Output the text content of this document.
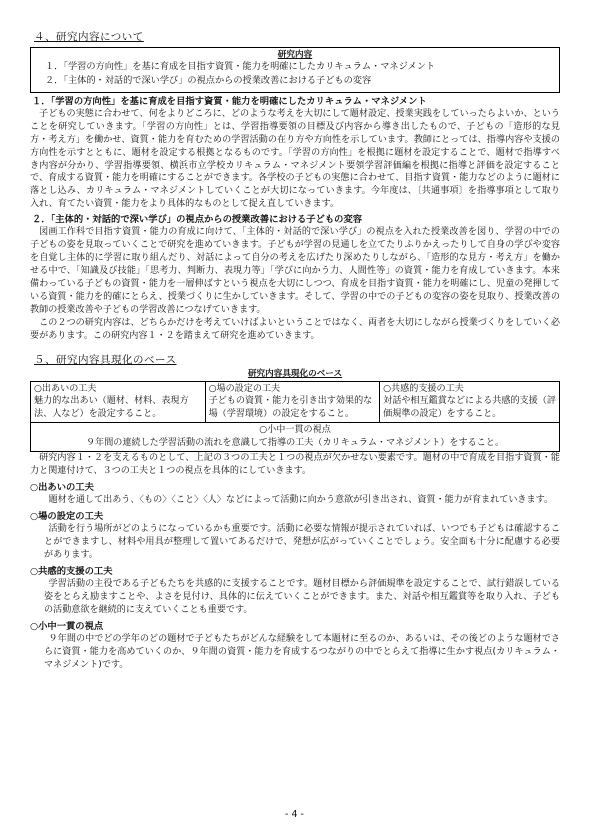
４、研究内容について
研究内容
１．「学習の方向性」を基に育成を目指す資質・能力を明確にしたカリキュラム・マネジメント
２．「主体的・対話的で深い学び」の視点からの授業改善における子どもの変容
１．「学習の方向性」を基に育成を目指す資質・能力を明確にしたカリキュラム・マネジメント

子どもの実態に合わせて、何をよりどころに、どのような考えを大切にして題材設定、授業実践をしていったらよいか、ということを研究していきます。「学習の方向性」とは、学習指導要領の目標及び内容から導き出したもので、子どもの「造形的な見方・考え方」を働かせ、資質・能力を育むための学習活動の在り方や方向性を示しています。教師にとっては、指導内容や支援の方向性を示すとともに、題材を設定する根拠となるものです。「学習の方向性」を根拠に題材を設定することで、題材で指導すべき内容が分かり、学習指導要領、横浜市立学校カリキュラム・マネジメント要領学習評価編を根拠に指導と評価を設定することで、育成する資質・能力を明確にすることができます。各学校の子どもの実態に合わせて、目指す資質・能力などのように題材に落とし込み、カリキュラム・マネジメントしていくことが大切になっていきます。今年度は、〔共通事項〕を指導事項として取り入れ、育てたい資質・能力をより具体的なものとして捉え直していきます。

２．「主体的・対話的で深い学び」の視点からの授業改善における子どもの変容

図画工作科で目指す資質・能力の育成に向けて、「主体的・対話的で深い学び」の視点を入れた授業改善を図り、学習の中での子どもの姿を見取っていくことで研究を進めていきます。子どもが学習の見通しを立てたりふりかえったりして自身の学びや変容を自覚し主体的に学習に取り組んだり、対話によって自分の考えを広げたり深めたりしながら、「造形的な見方・考え方」を働かせる中で、「知識及び技能」「思考力、判断力、表現力等」「学びに向かう力、人間性等」の資質・能力を育成していきます。本来備わっている子どもの資質・能力を一層伸ばすという視点を大切にしつつ、育成を目指す資質・能力を明確にし、児童の発揮している資質・能力を的確にとらえ、授業づくりに生かしていきます。そして、学習の中での子どもの変容の姿を見取り、授業改善の教師の授業改善や子どもの学習改善につなげていきます。

この２つの研究内容は、どちらかだけを考えていけばよいということではなく、両者を大切にしながら授業づくりをしていく必要があります。この研究内容１・２を踏まえて研究を進めていきます。

５、研究内容具現化のベース
研究内容具現化のベース
○出あいの工夫
魅力的な出あい（題材、材料、表現方法、人など）を設定すること。	
○場の設定の工夫
子どもの資質・能力を引き出す効果的な場（学習環境）の設定をすること。	
○共感的支援の工夫
対話や相互鑑賞などによる共感的支援（評価規準の設定）をすること。

○小中一貫の視点
９年間の連続した学習活動の流れを意識して指導の工夫（カリキュラム・マネジメント）をすること。

研究内容１・２を支えるものとして、上記の３つの工夫と１つの視点が欠かせない要素です。題材の中で育成を目指す資質・能力と関連付けて、３つの工夫と１つの視点を具体的にしていきます。

○出あいの工夫

題材を通して出あう、〈もの〉〈こと〉〈人〉などによって活動に向かう意欲が引き出され、資質・能力が育まれていきます。

○場の設定の工夫

活動を行う場所がどのようになっているかも重要です。活動に必要な情報が提示されていれば、いつでも子どもは確認することができますし、材料や用具が整理して置いてあるだけで、発想が広がっていくことでしょう。安全面も十分に配慮する必要があります。

○共感的支援の工夫

学習活動の主役である子どもたちを共感的に支援することです。題材目標から評価規準を設定することで、試行錯誤している姿をとらえ励ますことや、よさを見付け、具体的に伝えていくことができます。また、対話や相互鑑賞等を取り入れ、子どもの活動意欲を継続的に支えていくことも重要です。

○小中一貫の視点

９年間の中でどの学年のどの題材で子どもたちがどんな経験をして本題材に至るのか、あるいは、その後どのような題材でさらに資質・能力を高めていくのか、９年間の資質・能力を育成するつながりの中でとらえて指導に生かす視点(カリキュラム・マネジメント)です。

- 4 -
